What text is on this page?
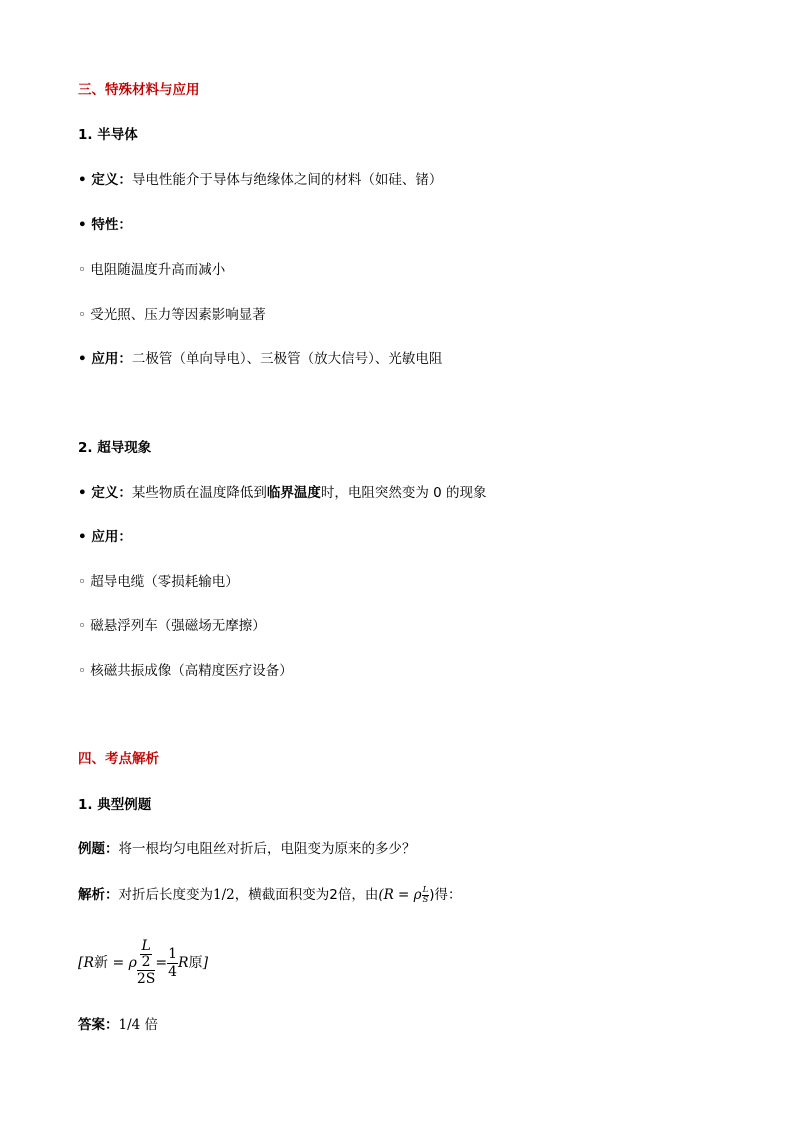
三、特殊材料与应用
1. 半导体
• 定义：导电性能介于导体与绝缘体之间的材料（如硅、锗）
• 特性：
◦ 电阻随温度升高而减小
◦ 受光照、压力等因素影响显著
• 应用：二极管（单向导电）、三极管（放大信号）、光敏电阻
2. 超导现象
• 定义：某些物质在温度降低到临界温度时，电阻突然变为 0 的现象
• 应用：
◦ 超导电缆（零损耗输电）
◦ 磁悬浮列车（强磁场无摩擦）
◦ 核磁共振成像（高精度医疗设备）
四、考点解析
1. 典型例题
例题：将一根均匀电阻丝对折后，电阻变为原来的多少？
解析：对折后长度变为1/2，横截面积变为2倍，由(R = ρ $\frac{L}{S}$ )得：
[R新 = ρ $\frac{\frac{L}{2}}{2S} = \frac{1}{4}$ R原]
答案：1/4 倍
